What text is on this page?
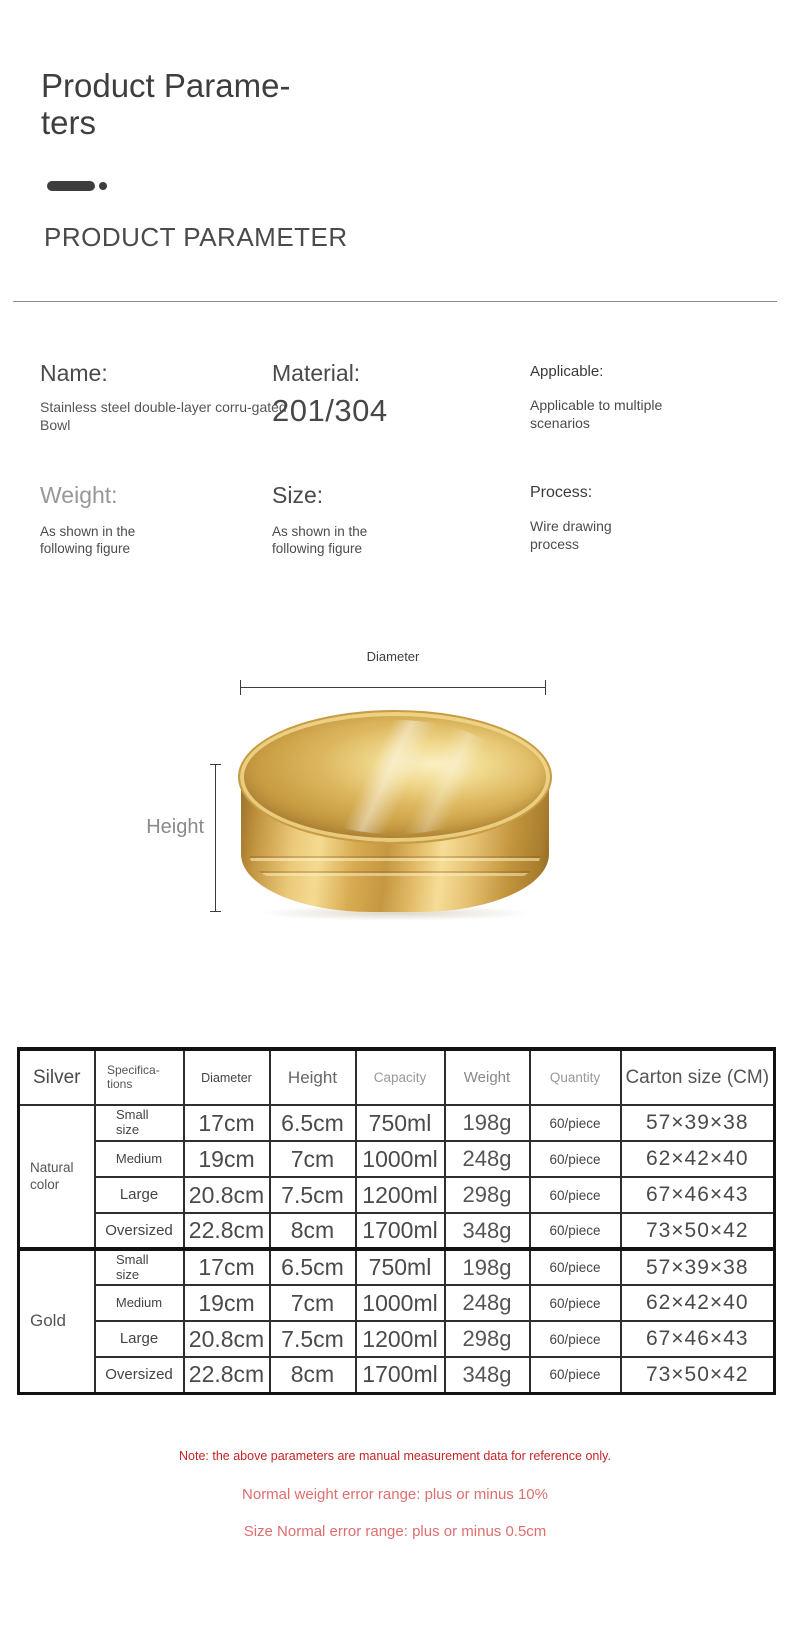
Product Parame-ters
PRODUCT PARAMETER
Name:
Stainless steel double-layer corru-gated Bowl
Material:
201/304
Applicable:
Applicable to multiple scenarios
Weight:
As shown in the following figure
Size:
As shown in the following figure
Process:
Wire drawing process
Diameter
Height
Silver	Specifica-tions	Diameter	Height	Capacity	Weight	Quantity	Carton size (CM)
Natural color	Small size	17cm	6.5cm	750ml	198g	60/piece	57×39×38
	Medium	19cm	7cm	1000ml	248g	60/piece	62×42×40
	Large	20.8cm	7.5cm	1200ml	298g	60/piece	67×46×43
	Oversized	22.8cm	8cm	1700ml	348g	60/piece	73×50×42
Gold	Small size	17cm	6.5cm	750ml	198g	60/piece	57×39×38
	Medium	19cm	7cm	1000ml	248g	60/piece	62×42×40
	Large	20.8cm	7.5cm	1200ml	298g	60/piece	67×46×43
	Oversized	22.8cm	8cm	1700ml	348g	60/piece	73×50×42

Note: the above parameters are manual measurement data for reference only.

Normal weight error range: plus or minus 10%

Size Normal error range: plus or minus 0.5cm
